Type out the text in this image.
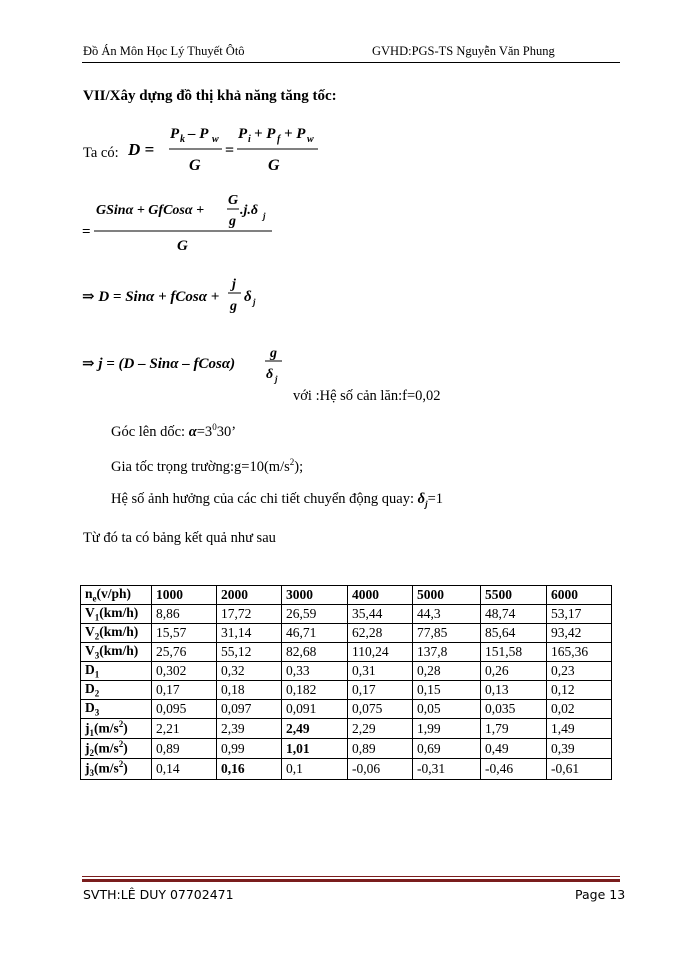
Đồ Án Môn Học Lý Thuyết Ôtô	GVHD:PGS-TS Nguyễn Văn Phung
VII/Xây dựng đồ thị khả năng tăng tốc:
Ta có: D =
P k – P w
G
=
P i + P f + P w
G
=
GSinα + GfCosα +
G
g
.j.δ j
G
⇒ D = Sinα + fCosα +
j
g
δ j
⇒ j = (D – Sinα – fCosα)
g
δ j
với :Hệ số cản lăn:f=0,02
Góc lên dốc: $\alpha=3^030$’
Gia tốc trọng $trường:g=10(m/s^2)$;
Hệ số ảnh hưởng của các chi tiết chuyển động quay: $\delta_j=1$
Từ đó ta có bảng kết quả như sau
$n_e(v/ph)$	1000	2000	3000	4000	5000	5500	6000
$V_1(km/h)$	8,86	17,72	26,59	35,44	44,3	48,74	53,17
$V_2(km/h)$	15,57	31,14	46,71	62,28	77,85	85,64	93,42
$V_3(km/h)$	25,76	55,12	82,68	110,24	137,8	151,58	165,36
$D_1$	0,302	0,32	0,33	0,31	0,28	0,26	0,23
$D_2$	0,17	0,18	0,182	0,17	0,15	0,13	0,12
$D_3$	0,095	0,097	0,091	0,075	0,05	0,035	0,02
$j_1(m/s^2)$	2,21	2,39	2,49	2,29	1,99	1,79	1,49
$j_2(m/s^2)$	0,89	0,99	1,01	0,89	0,69	0,49	0,39
$j_3(m/s^2)$	0,14	0,16	0,1	-0,06	-0,31	-0,46	-0,61
SVTH:LÊ DUY 07702471	Page 13
